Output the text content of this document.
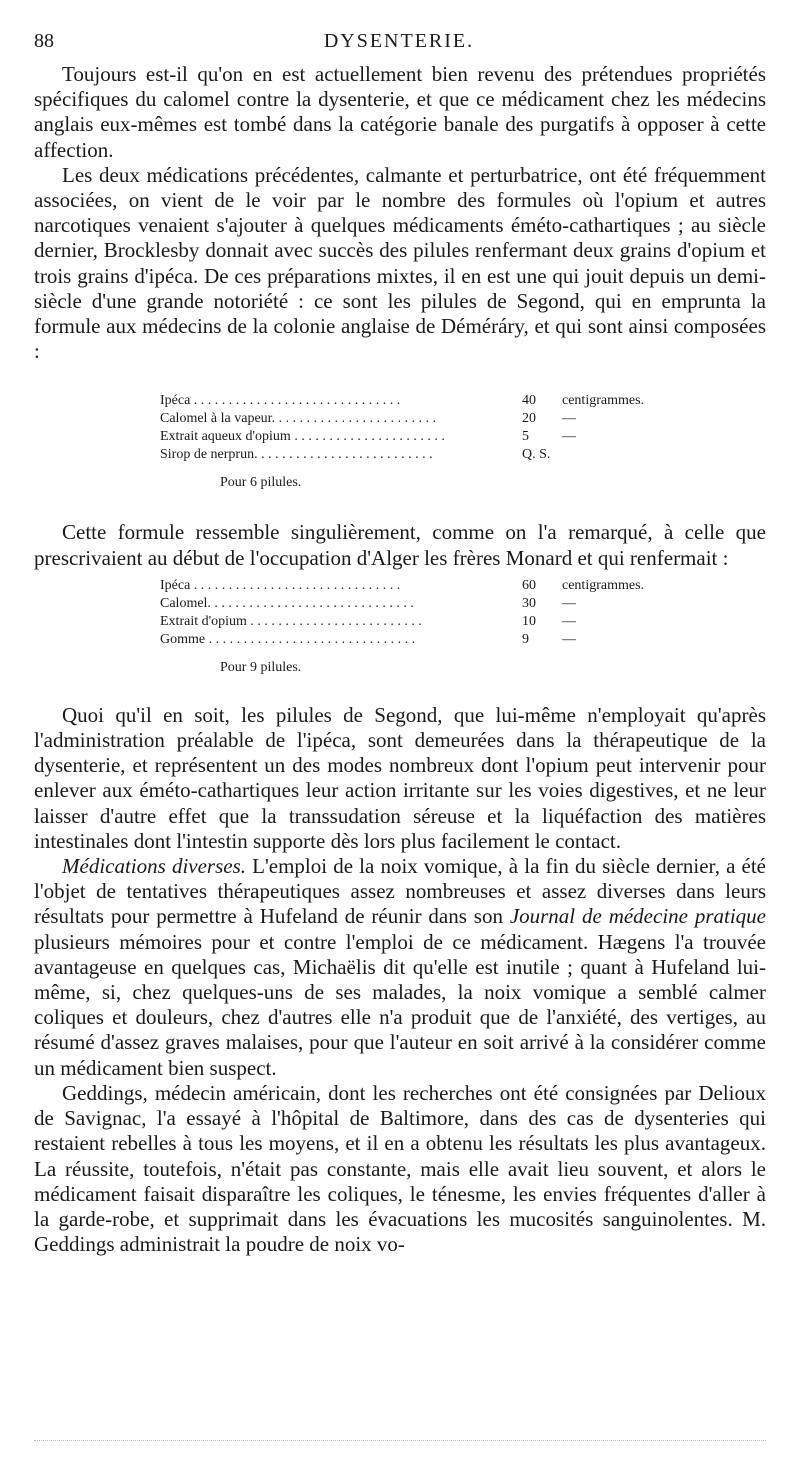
88	DYSENTERIE.

Toujours est-il qu'on en est actuellement bien revenu des prétendues propriétés spécifiques du calomel contre la dysenterie, et que ce médicament chez les médecins anglais eux-mêmes est tombé dans la catégorie banale des purgatifs à opposer à cette affection.

Les deux médications précédentes, calmante et perturbatrice, ont été fréquemment associées, on vient de le voir par le nombre des formules où l'opium et autres narcotiques venaient s'ajouter à quelques médicaments éméto-cathartiques ; au siècle dernier, Brocklesby donnait avec succès des pilules renfermant deux grains d'opium et trois grains d'ipéca. De ces préparations mixtes, il en est une qui jouit depuis un demi-siècle d'une grande notoriété : ce sont les pilules de Segond, qui en emprunta la formule aux médecins de la colonie anglaise de Déméráry, et qui sont ainsi composées :

Ipéca . . . . . . . . . . . . . . . . . . . . . . . . . . . . . .	40	centigrammes.
Calomel à la vapeur. . . . . . . . . . . . . . . . . . . . . . . .	20	—
Extrait aqueux d'opium . . . . . . . . . . . . . . . . . . . . . .	5	—
Sirop de nerprun. . . . . . . . . . . . . . . . . . . . . . . . . .	Q. S.
Pour 6 pilules.

Cette formule ressemble singulièrement, comme on l'a remarqué, à celle que prescrivaient au début de l'occupation d'Alger les frères Monard et qui renfermait :

Ipéca . . . . . . . . . . . . . . . . . . . . . . . . . . . . . .	60	centigrammes.
Calomel. . . . . . . . . . . . . . . . . . . . . . . . . . . . . .	30	—
Extrait d'opium . . . . . . . . . . . . . . . . . . . . . . . . .	10	—
Gomme . . . . . . . . . . . . . . . . . . . . . . . . . . . . . .	9	—
Pour 9 pilules.

Quoi qu'il en soit, les pilules de Segond, que lui-même n'employait qu'après l'administration préalable de l'ipéca, sont demeurées dans la thérapeutique de la dysenterie, et représentent un des modes nombreux dont l'opium peut intervenir pour enlever aux éméto-cathartiques leur action irritante sur les voies digestives, et ne leur laisser d'autre effet que la transsudation séreuse et la liquéfaction des matières intestinales dont l'intestin supporte dès lors plus facilement le contact.

Médications diverses. L'emploi de la noix vomique, à la fin du siècle dernier, a été l'objet de tentatives thérapeutiques assez nombreuses et assez diverses dans leurs résultats pour permettre à Hufeland de réunir dans son Journal de médecine pratique plusieurs mémoires pour et contre l'emploi de ce médicament. Hægens l'a trouvée avantageuse en quelques cas, Michaëlis dit qu'elle est inutile ; quant à Hufeland lui-même, si, chez quelques-uns de ses malades, la noix vomique a semblé calmer coliques et douleurs, chez d'autres elle n'a produit que de l'anxiété, des vertiges, au résumé d'assez graves malaises, pour que l'auteur en soit arrivé à la considérer comme un médicament bien suspect.

Geddings, médecin américain, dont les recherches ont été consignées par Delioux de Savignac, l'a essayé à l'hôpital de Baltimore, dans des cas de dysenteries qui restaient rebelles à tous les moyens, et il en a obtenu les résultats les plus avantageux. La réussite, toutefois, n'était pas constante, mais elle avait lieu souvent, et alors le médicament faisait disparaître les coliques, le ténesme, les envies fréquentes d'aller à la garde-robe, et supprimait dans les évacuations les mucosités sanguinolentes. M. Geddings administrait la poudre de noix vo-
